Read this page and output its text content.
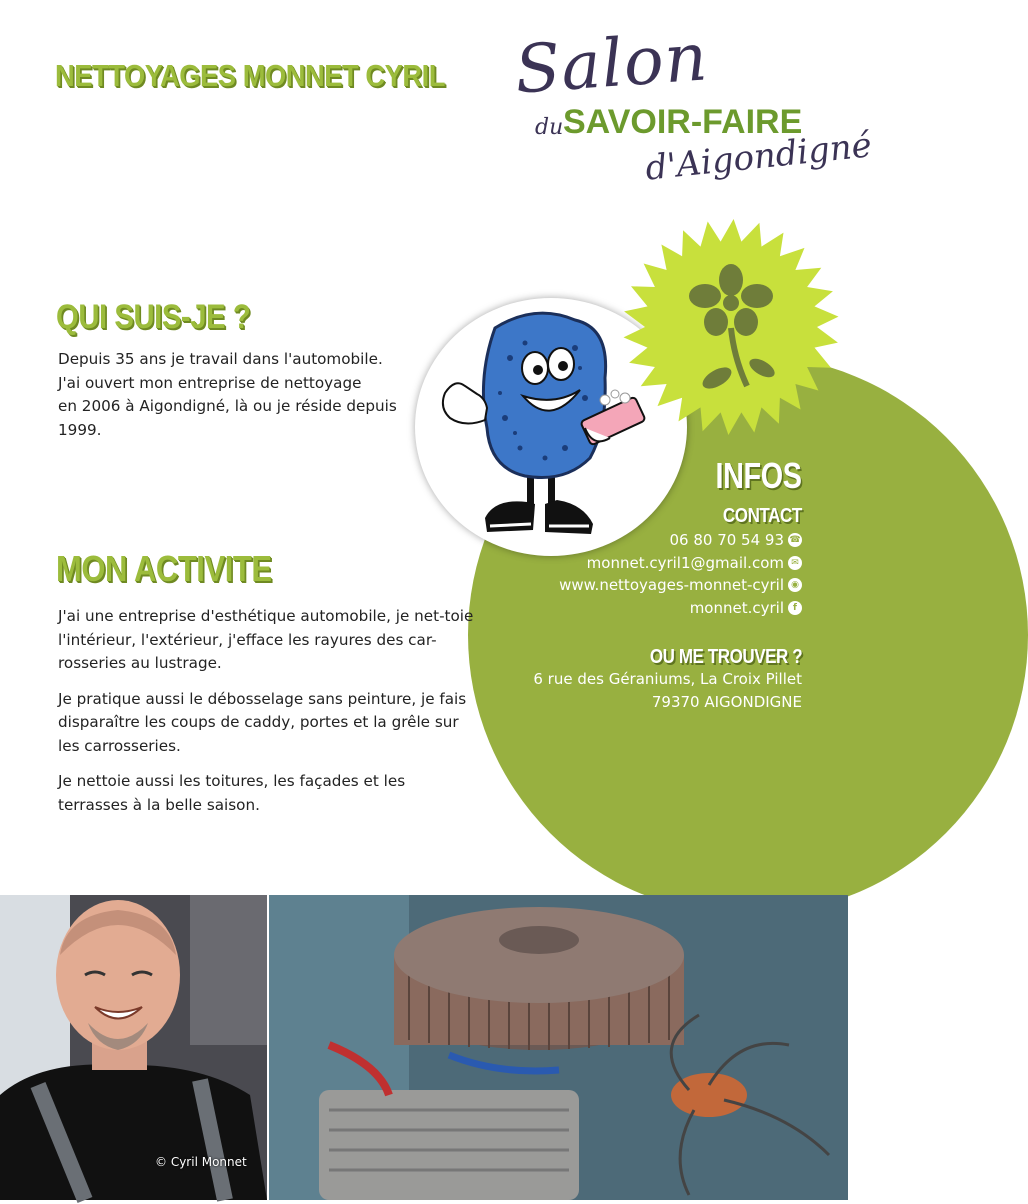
NETTOYAGES MONNET CYRIL Salon
du SAVOIR-FAIRE
d'Aigondigné
QUI SUIS-JE ?

Depuis 35 ans je travail dans l'automobile.

J'ai ouvert mon entreprise de nettoyage

en 2006 à Aigondigné, là ou je réside depuis

1999.

MON ACTIVITE

J'ai une entreprise d'esthétique automobile, je net-toie l'intérieur, l'extérieur, j'efface les rayures des car-rosseries au lustrage.

Je pratique aussi le débosselage sans peinture, je fais disparaître les coups de caddy, portes et la grêle sur les carrosseries.

Je nettoie aussi les toitures, les façades et les terrasses à la belle saison.

INFOS
CONTACT
06 80 70 54 93 ☎
monnet.cyril1@gmail.com ✉
www.nettoyages-monnet-cyril ◉
monnet.cyril	f
OU ME TROUVER ?
6 rue des Géraniums, La Croix Pillet
79370 AIGONDIGNE
© Cyril Monnet
